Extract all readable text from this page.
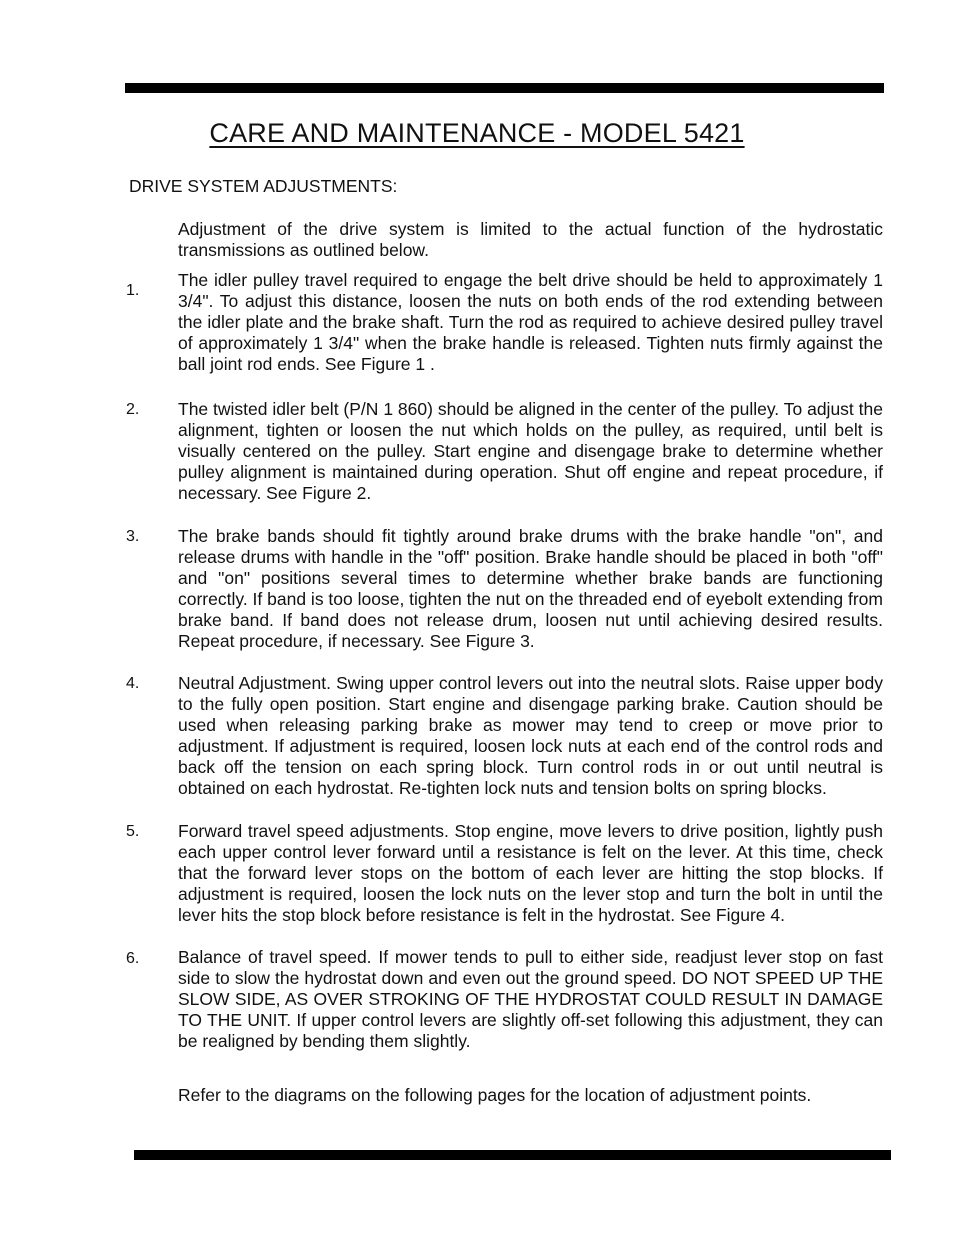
CARE AND MAINTENANCE - MODEL 5421
DRIVE SYSTEM ADJUSTMENTS:

Adjustment of the drive system is limited to the actual function of the hydrostatic transmissions as outlined below.

1.

The idler pulley travel required to engage the belt drive should be held to approximately 1 3/4". To adjust this distance, loosen the nuts on both ends of the rod extending between the idler plate and the brake shaft. Turn the rod as required to achieve desired pulley travel of approximately 1 3/4" when the brake handle is released. Tighten nuts firmly against the ball joint rod ends. See Figure 1 .

2. The twisted idler belt (P/N 1 860) should be aligned in the center of the pulley. To adjust the alignment, tighten or loosen the nut which holds on the pulley, as required, until belt is visually centered on the pulley. Start engine and disengage brake to determine whether pulley alignment is maintained during operation. Shut off engine and repeat procedure, if necessary. See Figure 2.

3. The brake bands should fit tightly around brake drums with the brake handle "on", and release drums with handle in the "off" position. Brake handle should be placed in both "off" and "on" positions several times to determine whether brake bands are functioning correctly. If band is too loose, tighten the nut on the threaded end of eyebolt extending from brake band. If band does not release drum, loosen nut until achieving desired results. Repeat procedure, if necessary. See Figure 3.

4. Neutral Adjustment. Swing upper control levers out into the neutral slots. Raise upper body to the fully open position. Start engine and disengage parking brake. Caution should be used when releasing parking brake as mower may tend to creep or move prior to adjustment. If adjustment is required, loosen lock nuts at each end of the control rods and back off the tension on each spring block. Turn control rods in or out until neutral is obtained on each hydrostat. Re-tighten lock nuts and tension bolts on spring blocks.

5. Forward travel speed adjustments. Stop engine, move levers to drive position, lightly push each upper control lever forward until a resistance is felt on the lever. At this time, check that the forward lever stops on the bottom of each lever are hitting the stop blocks. If adjustment is required, loosen the lock nuts on the lever stop and turn the bolt in until the lever hits the stop block before resistance is felt in the hydrostat. See Figure 4.

6. Balance of travel speed. If mower tends to pull to either side, readjust lever stop on fast side to slow the hydrostat down and even out the ground speed. DO NOT SPEED UP THE SLOW SIDE, AS OVER STROKING OF THE HYDROSTAT COULD RESULT IN DAMAGE TO THE UNIT. If upper control levers are slightly off-set following this adjustment, they can be realigned by bending them slightly.

Refer to the diagrams on the following pages for the location of adjustment points.
